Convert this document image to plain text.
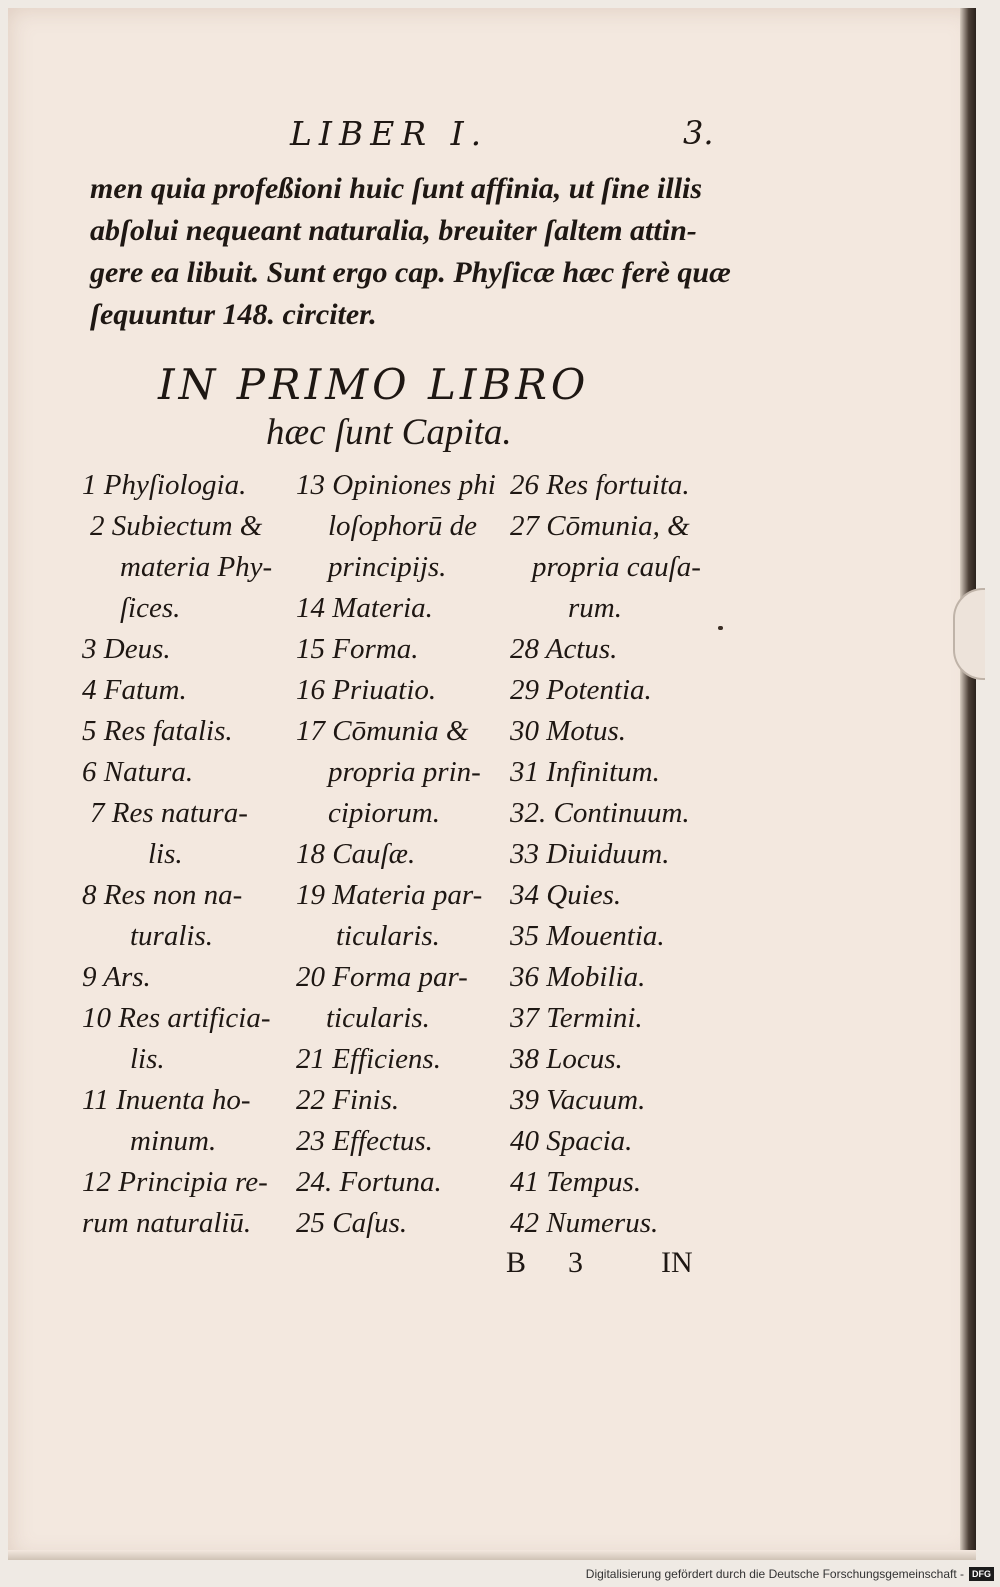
LIBER I.	3.
men quia profeßioni huic ſunt affinia, ut ſine illis
abſolui nequeant naturalia, breuiter ſaltem attin-
gere ea libuit. Sunt ergo cap. Phyſicæ hæc ferè quæ
ſequuntur 148. circiter.
IN PRIMO LIBRO
hæc ſunt Capita.
1 Phyſiologia.
2 Subiectum &
materia Phy-
ſices.
3 Deus.
4 Fatum.
5 Res fatalis.
6 Natura.
7 Res natura-
lis.
8 Res non na-
turalis.
9 Ars.
10 Res artificia-
lis.
11 Inuenta ho-
minum.
12 Principia re-
rum naturaliū.
13 Opiniones phi
loſophorū de
principijs.
14 Materia.
15 Forma.
16 Priuatio.
17 Cōmunia &
propria prin-
cipiorum.
18 Cauſæ.
19 Materia par-
ticularis.
20 Forma par-
ticularis.
21 Efficiens.
22 Finis.
23 Effectus.
24. Fortuna.
25 Caſus.
26 Res fortuita.
27 Cōmunia, &
propria cauſa-
rum.
28 Actus.
29 Potentia.
30 Motus.
31 Infinitum.
32. Continuum.
33 Diuiduum.
34 Quies.
35 Mouentia.
36 Mobilia.
37 Termini.
38 Locus.
39 Vacuum.
40 Spacia.
41 Tempus.
42 Numerus.
B 3	IN
Digitalisierung gefördert durch die Deutsche Forschungsgemeinschaft - DFG
